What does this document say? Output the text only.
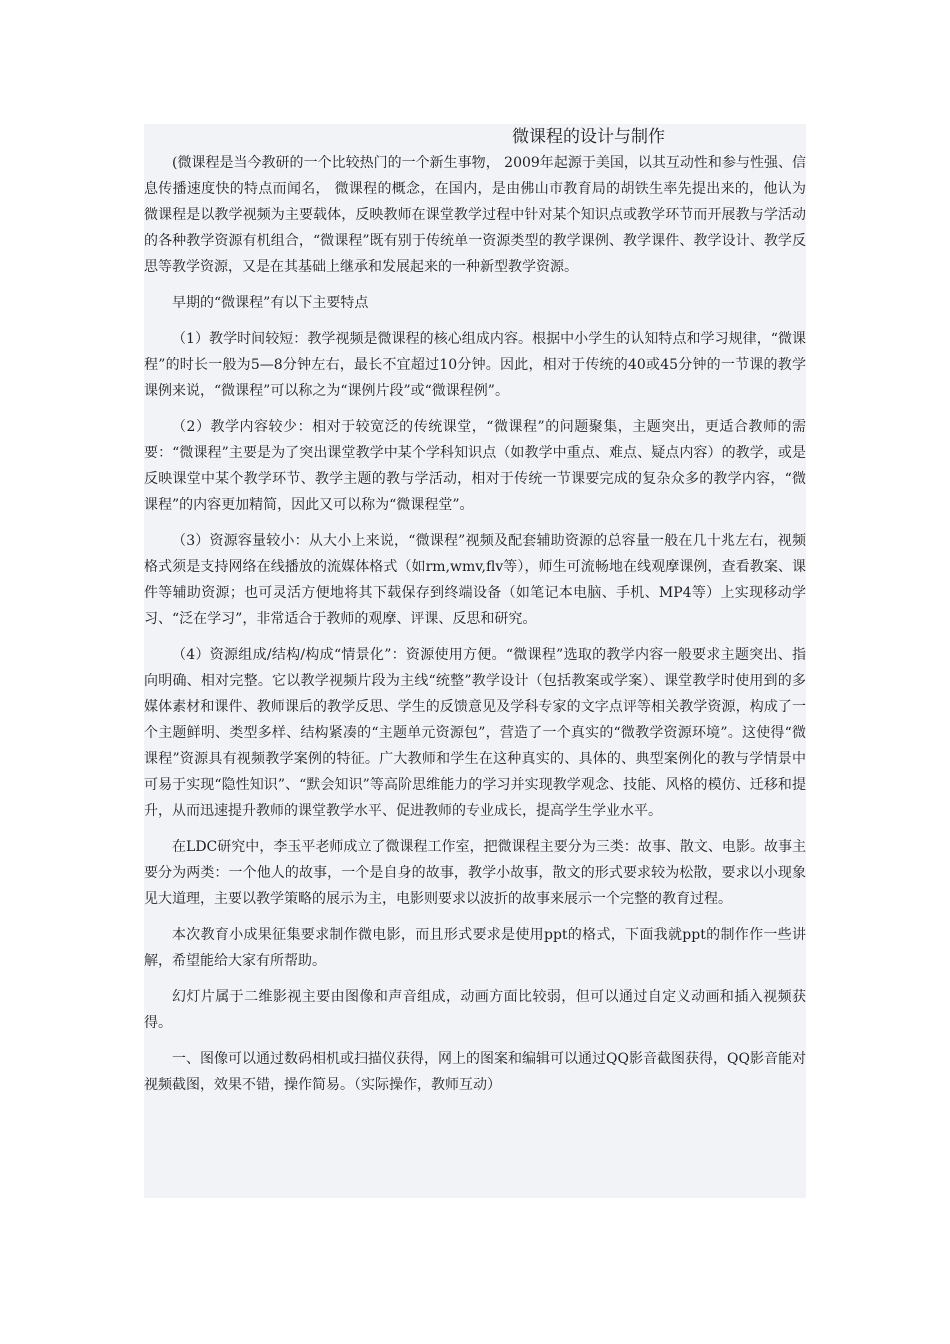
微课程的设计与制作

(微课程是当今教研的一个比较热门的一个新生事物， 2009年起源于美国，以其互动性和参与性强、信息传播速度快的特点而闻名， 微课程的概念，在国内，是由佛山市教育局的胡铁生率先提出来的，他认为微课程是以教学视频为主要载体，反映教师在课堂教学过程中针对某个知识点或教学环节而开展教与学活动的各种教学资源有机组合，“微课程”既有别于传统单一资源类型的教学课例、教学课件、教学设计、教学反思等教学资源，又是在其基础上继承和发展起来的一种新型教学资源。

早期的“微课程”有以下主要特点

（1）教学时间较短：教学视频是微课程的核心组成内容。根据中小学生的认知特点和学习规律，“微课程”的时长一般为5—8分钟左右，最长不宜超过10分钟。因此，相对于传统的40或45分钟的一节课的教学课例来说，“微课程”可以称之为“课例片段”或“微课程例”。

（2）教学内容较少：相对于较宽泛的传统课堂，“微课程”的问题聚集，主题突出，更适合教师的需要：“微课程”主要是为了突出课堂教学中某个学科知识点（如教学中重点、难点、疑点内容）的教学，或是反映课堂中某个教学环节、教学主题的教与学活动，相对于传统一节课要完成的复杂众多的教学内容，“微课程”的内容更加精简，因此又可以称为“微课程堂”。

（3）资源容量较小：从大小上来说，“微课程”视频及配套辅助资源的总容量一般在几十兆左右，视频格式须是支持网络在线播放的流媒体格式（如rm,wmv,flv等），师生可流畅地在线观摩课例，查看教案、课件等辅助资源；也可灵活方便地将其下载保存到终端设备（如笔记本电脑、手机、MP4等）上实现移动学习、“泛在学习”，非常适合于教师的观摩、评课、反思和研究。

（4）资源组成/结构/构成“情景化”：资源使用方便。“微课程”选取的教学内容一般要求主题突出、指向明确、相对完整。它以教学视频片段为主线“统整”教学设计（包括教案或学案）、课堂教学时使用到的多媒体素材和课件、教师课后的教学反思、学生的反馈意见及学科专家的文字点评等相关教学资源，构成了一个主题鲜明、类型多样、结构紧凑的“主题单元资源包”，营造了一个真实的“微教学资源环境”。这使得“微课程”资源具有视频教学案例的特征。广大教师和学生在这种真实的、具体的、典型案例化的教与学情景中可易于实现“隐性知识”、“默会知识”等高阶思维能力的学习并实现教学观念、技能、风格的模仿、迁移和提升，从而迅速提升教师的课堂教学水平、促进教师的专业成长，提高学生学业水平。

在LDC研究中，李玉平老师成立了微课程工作室，把微课程主要分为三类：故事、散文、电影。故事主要分为两类：一个他人的故事，一个是自身的故事，教学小故事，散文的形式要求较为松散，要求以小现象见大道理，主要以教学策略的展示为主，电影则要求以波折的故事来展示一个完整的教育过程。

本次教育小成果征集要求制作微电影，而且形式要求是使用ppt的格式，下面我就ppt的制作作一些讲解，希望能给大家有所帮助。

幻灯片属于二维影视主要由图像和声音组成，动画方面比较弱，但可以通过自定义动画和插入视频获得。

一、图像可以通过数码相机或扫描仪获得，网上的图案和编辑可以通过QQ影音截图获得，QQ影音能对视频截图，效果不错，操作简易。（实际操作，教师互动）
